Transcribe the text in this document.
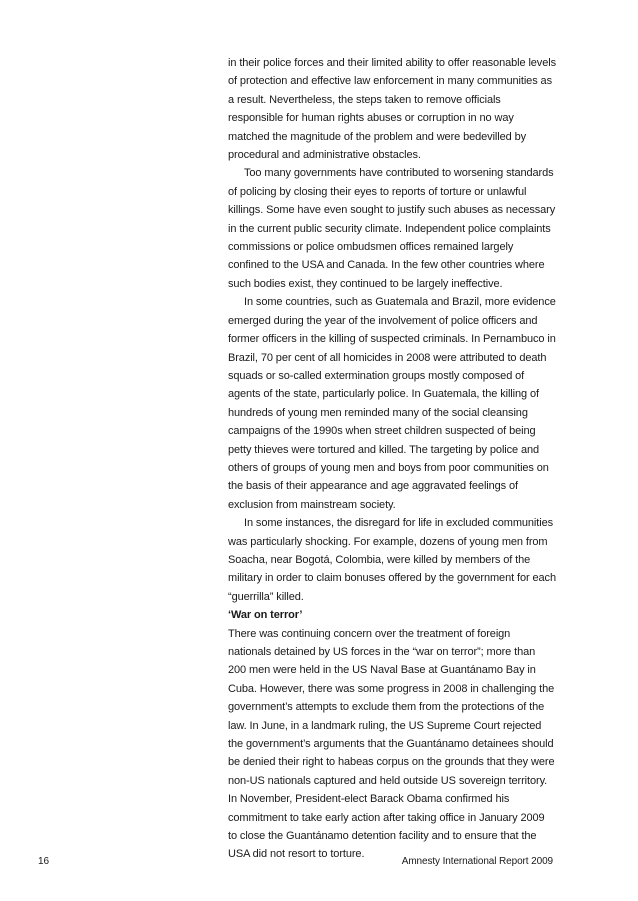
in their police forces and their limited ability to offer reasonable levels of protection and effective law enforcement in many communities as a result. Nevertheless, the steps taken to remove officials responsible for human rights abuses or corruption in no way matched the magnitude of the problem and were bedevilled by procedural and administrative obstacles.

Too many governments have contributed to worsening standards of policing by closing their eyes to reports of torture or unlawful killings. Some have even sought to justify such abuses as necessary in the current public security climate. Independent police complaints commissions or police ombudsmen offices remained largely confined to the USA and Canada. In the few other countries where such bodies exist, they continued to be largely ineffective.

In some countries, such as Guatemala and Brazil, more evidence emerged during the year of the involvement of police officers and former officers in the killing of suspected criminals. In Pernambuco in Brazil, 70 per cent of all homicides in 2008 were attributed to death squads or so-called extermination groups mostly composed of agents of the state, particularly police. In Guatemala, the killing of hundreds of young men reminded many of the social cleansing campaigns of the 1990s when street children suspected of being petty thieves were tortured and killed. The targeting by police and others of groups of young men and boys from poor communities on the basis of their appearance and age aggravated feelings of exclusion from mainstream society.

In some instances, the disregard for life in excluded communities was particularly shocking. For example, dozens of young men from Soacha, near Bogotá, Colombia, were killed by members of the military in order to claim bonuses offered by the government for each “guerrilla” killed.

‘War on terror’

There was continuing concern over the treatment of foreign nationals detained by US forces in the “war on terror”; more than 200 men were held in the US Naval Base at Guantánamo Bay in Cuba. However, there was some progress in 2008 in challenging the government’s attempts to exclude them from the protections of the law. In June, in a landmark ruling, the US Supreme Court rejected the government’s arguments that the Guantánamo detainees should be denied their right to habeas corpus on the grounds that they were non-US nationals captured and held outside US sovereign territory. In November, President-elect Barack Obama confirmed his commitment to take early action after taking office in January 2009 to close the Guantánamo detention facility and to ensure that the USA did not resort to torture.

16	Amnesty International Report 2009
